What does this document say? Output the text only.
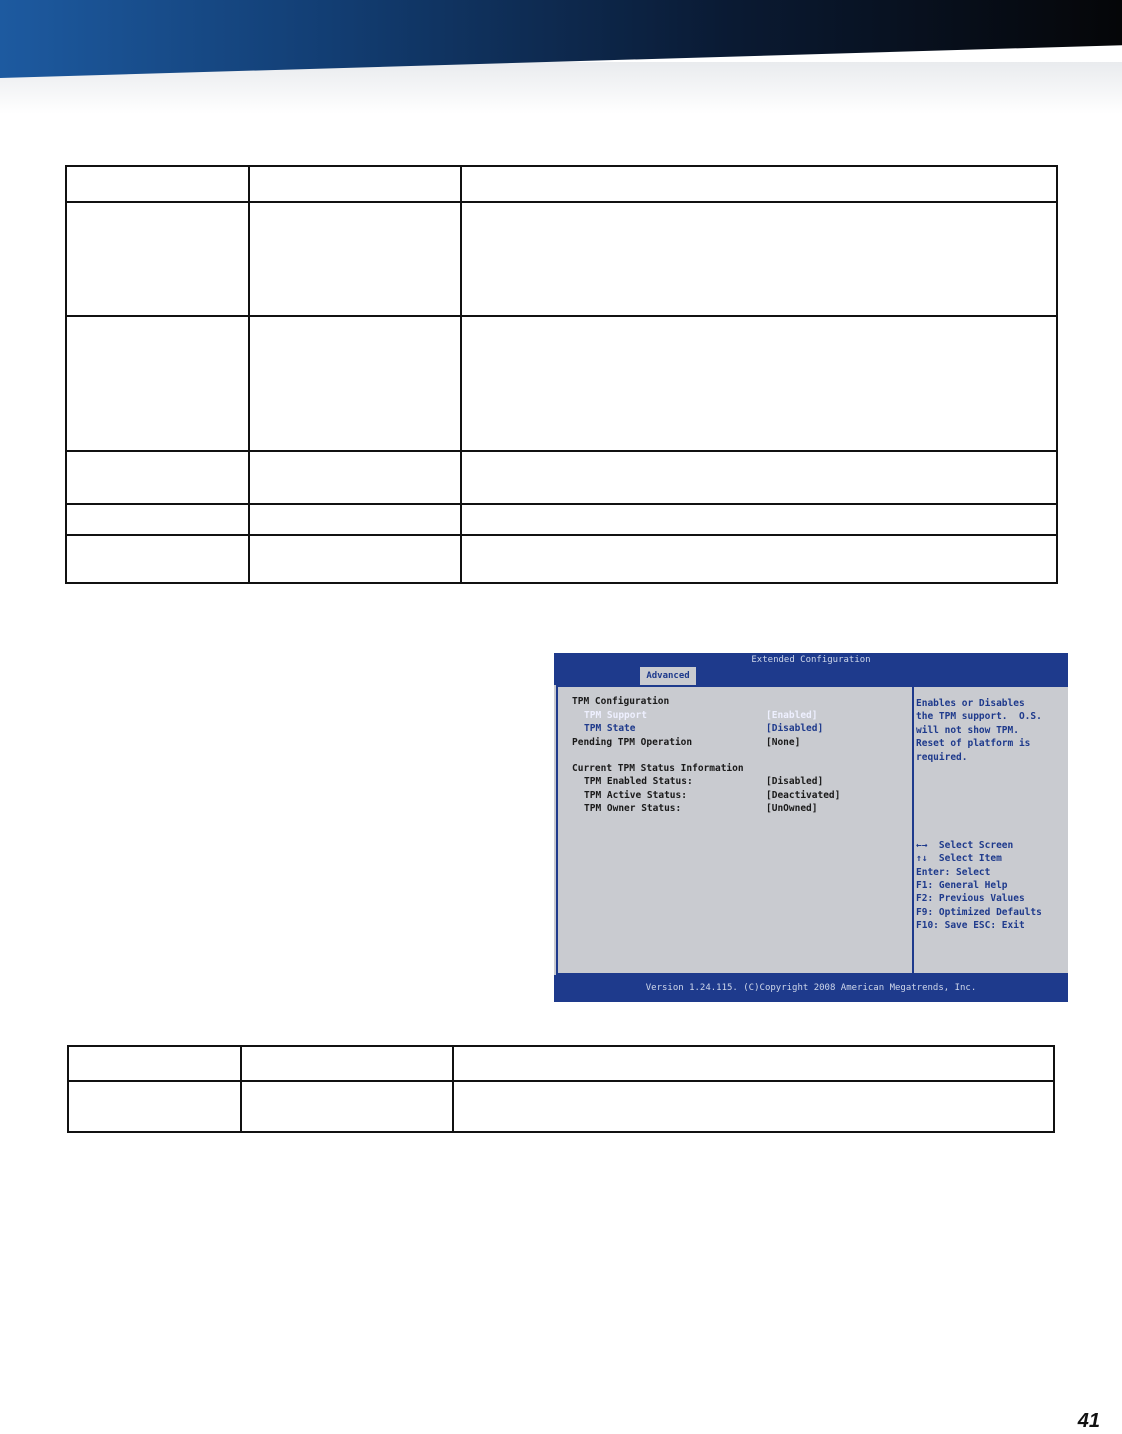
Extended Configuration
Advanced
TPM Configuration
TPM Support	[Enabled]
TPM State	[Disabled]
Pending TPM Operation	[None]
Current TPM Status Information
TPM Enabled Status:	[Disabled]
TPM Active Status:	[Deactivated]
TPM Owner Status:	[UnOwned]
Enables or Disables
the TPM support.  O.S.
will not show TPM.
Reset of platform is
required.
←→  Select Screen
↑↓  Select Item
Enter: Select
F1: General Help
F2: Previous Values
F9: Optimized Defaults
F10: Save ESC: Exit
Version 1.24.115. (C)Copyright 2008 American Megatrends, Inc.

41
